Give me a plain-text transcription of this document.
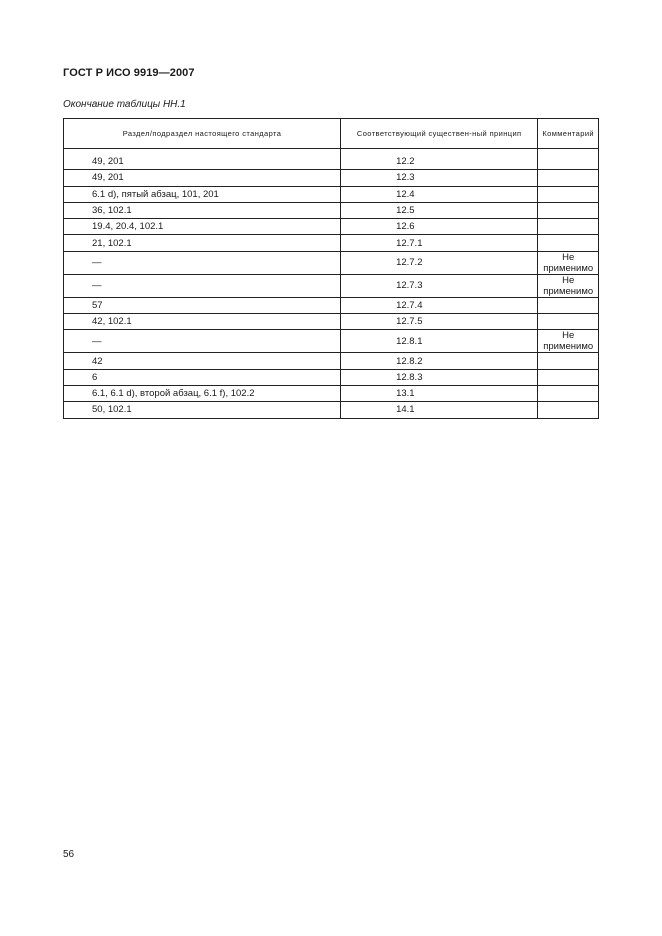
ГОСТ Р ИСО 9919—2007
Окончание таблицы НН.1
Раздел/подраздел настоящего стандарта	Соответствующий существен-ный принцип	Комментарий

49, 201	12.2	
49, 201	12.3	
6.1 d), пятый абзац, 101, 201	12.4	
36, 102.1	12.5	
19.4, 20.4, 102.1	12.6	
21, 102.1	12.7.1	
—	12.7.2	Не применимо
—	12.7.3	Не применимо
57	12.7.4	
42, 102.1	12.7.5	
—	12.8.1	Не применимо
42	12.8.2	
6	12.8.3	
6.1, 6.1 d), второй абзац, 6.1 f), 102.2	13.1	
50, 102.1	14.1	
56
